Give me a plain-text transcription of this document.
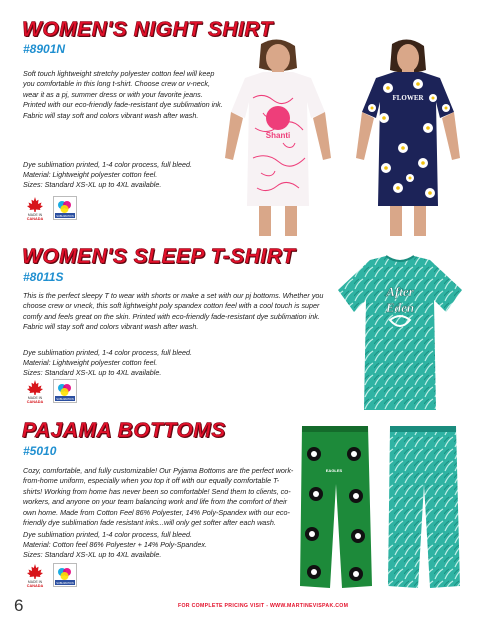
WOMEN'S NIGHT SHIRT
#8901N
Soft touch lightweight stretchy polyester cotton feel will keep you comfortable in this long t-shirt. Choose crew or v-neck, wear it as a pj, summer dress or with your favorite jeans. Printed with our eco-friendly fade-resistant dye sublimation ink. Fabric will stay soft and colors vibrant wash after wash.
Dye sublimation printed, 1-4 color process, full bleed.
Material: Lightweight polyester cotton feel.
Sizes: Standard XS-XL up to 4XL available.
MADE IN
CANADA
SUBLIMATION
Shanti
FLOWER
WOMEN'S SLEEP T-SHIRT
#8011S
This is the perfect sleepy T to wear with shorts or make a set with our pj bottoms. Whether you choose crew or vneck, this soft lightweight poly spandex cotton feel with a cool touch is super comfy and feels great on the skin. Printed with eco-friendly fade-resistant dye sublimation ink. Fabric will stay soft and colors vibrant wash after wash.
Dye sublimation printed, 1-4 color process, full bleed.
Material: Lightweight polyester cotton feel.
Sizes: Standard XS-XL up to 4XL available.
MADE IN
CANADA
SUBLIMATION
After
Eden
PAJAMA BOTTOMS
#5010
Cozy, comfortable, and fully customizable! Our Pyjama Bottoms are the perfect work-from-home uniform, especially when you top it off with our equally comfortable T-shirts! Working from home has never been so comfortable! Send them to clients, co-workers, and anyone on your team balancing work and life from the comfort of their own home. Made from Cotton Feel 86% Polyester, 14% Poly-Spandex with our eco-friendly dye sublimation fade resistant inks...will only get softer after each wash.
Dye sublimation printed, 1-4 color process, full bleed.
Material: Cotton feel 86% Polyester + 14% Poly-Spandex.
Sizes: Standard XS-XL up to 4XL available.
MADE IN
CANADA
SUBLIMATION
EAGLES
6	FOR COMPLETE PRICING VISIT - WWW.MARTINEVISPAK.COM
